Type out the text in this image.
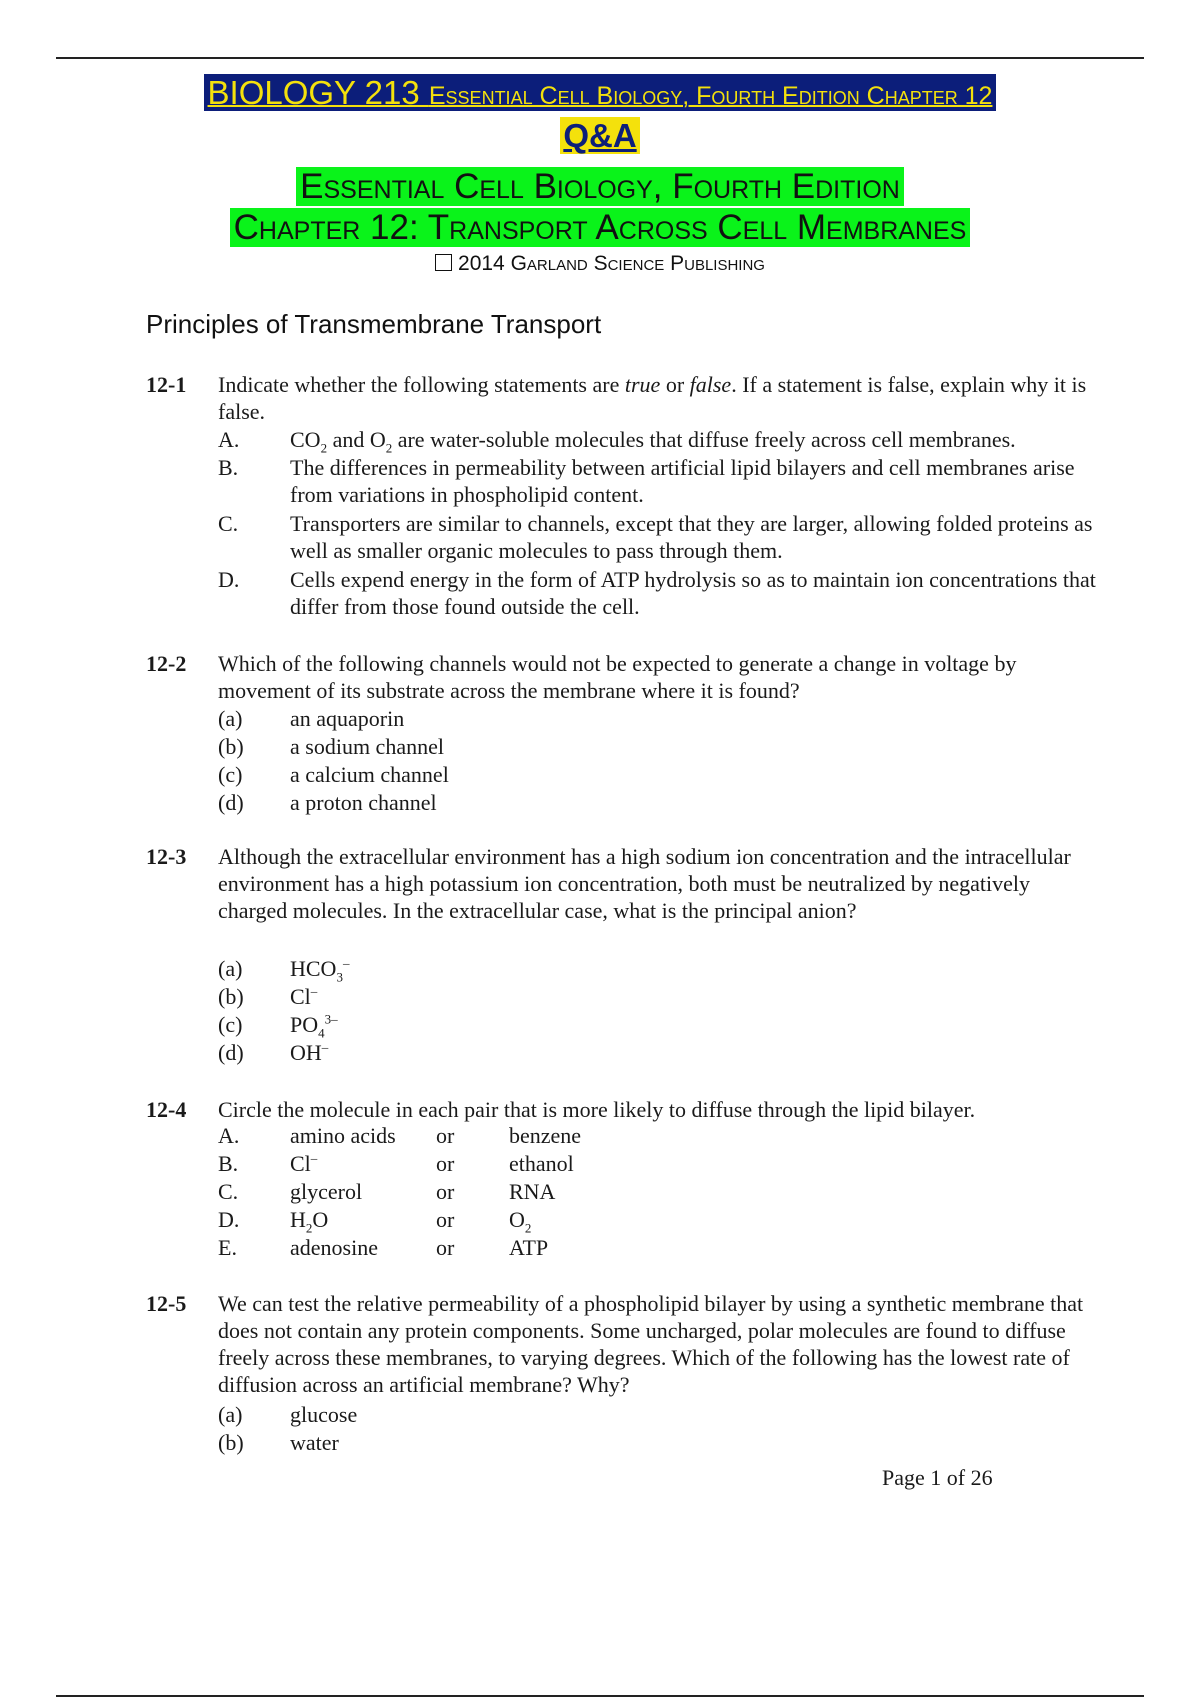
BIOLOGY 213 Essential Cell Biology, Fourth Edition Chapter 12
Q&A
Essential Cell Biology, Fourth Edition
Chapter 12: Transport Across Cell Membranes
2014 Garland Science Publishing
Principles of Transmembrane Transport
12-1 Indicate whether the following statements are true or false. If a statement is false, explain why it is false.
A. $CO_2$ and $O_2$ are water-soluble molecules that diffuse freely across cell membranes.
B. The differences in permeability between artificial lipid bilayers and cell membranes arise from variations in phospholipid content.
C. Transporters are similar to channels, except that they are larger, allowing folded proteins as well as smaller organic molecules to pass through them.
D. Cells expend energy in the form of ATP hydrolysis so as to maintain ion concentrations that differ from those found outside the cell.
12-2 Which of the following channels would not be expected to generate a change in voltage by movement of its substrate across the membrane where it is found?
(a) an aquaporin
(b) a sodium channel
(c) a calcium channel
(d) a proton channel
12-3 Although the extracellular environment has a high sodium ion concentration and the intracellular environment has a high potassium ion concentration, both must be neutralized by negatively charged molecules. In the extracellular case, what is the principal anion?
(a) $HCO_3^-$
(b) Cl–
(c) $PO_4^{3-}$
(d) OH–
12-4 Circle the molecule in each pair that is more likely to diffuse through the lipid bilayer.
A. amino acids	or benzene
B. Cl–	or ethanol
C. glycerol	or RNA
D. $H_2O$	or $O_2$
E. adenosine	or ATP
12-5 We can test the relative permeability of a phospholipid bilayer by using a synthetic membrane that does not contain any protein components. Some uncharged, polar molecules are found to diffuse freely across these membranes, to varying degrees. Which of the following has the lowest rate of diffusion across an artificial membrane? Why?
(a) glucose
(b) water
Page 1 of 26
